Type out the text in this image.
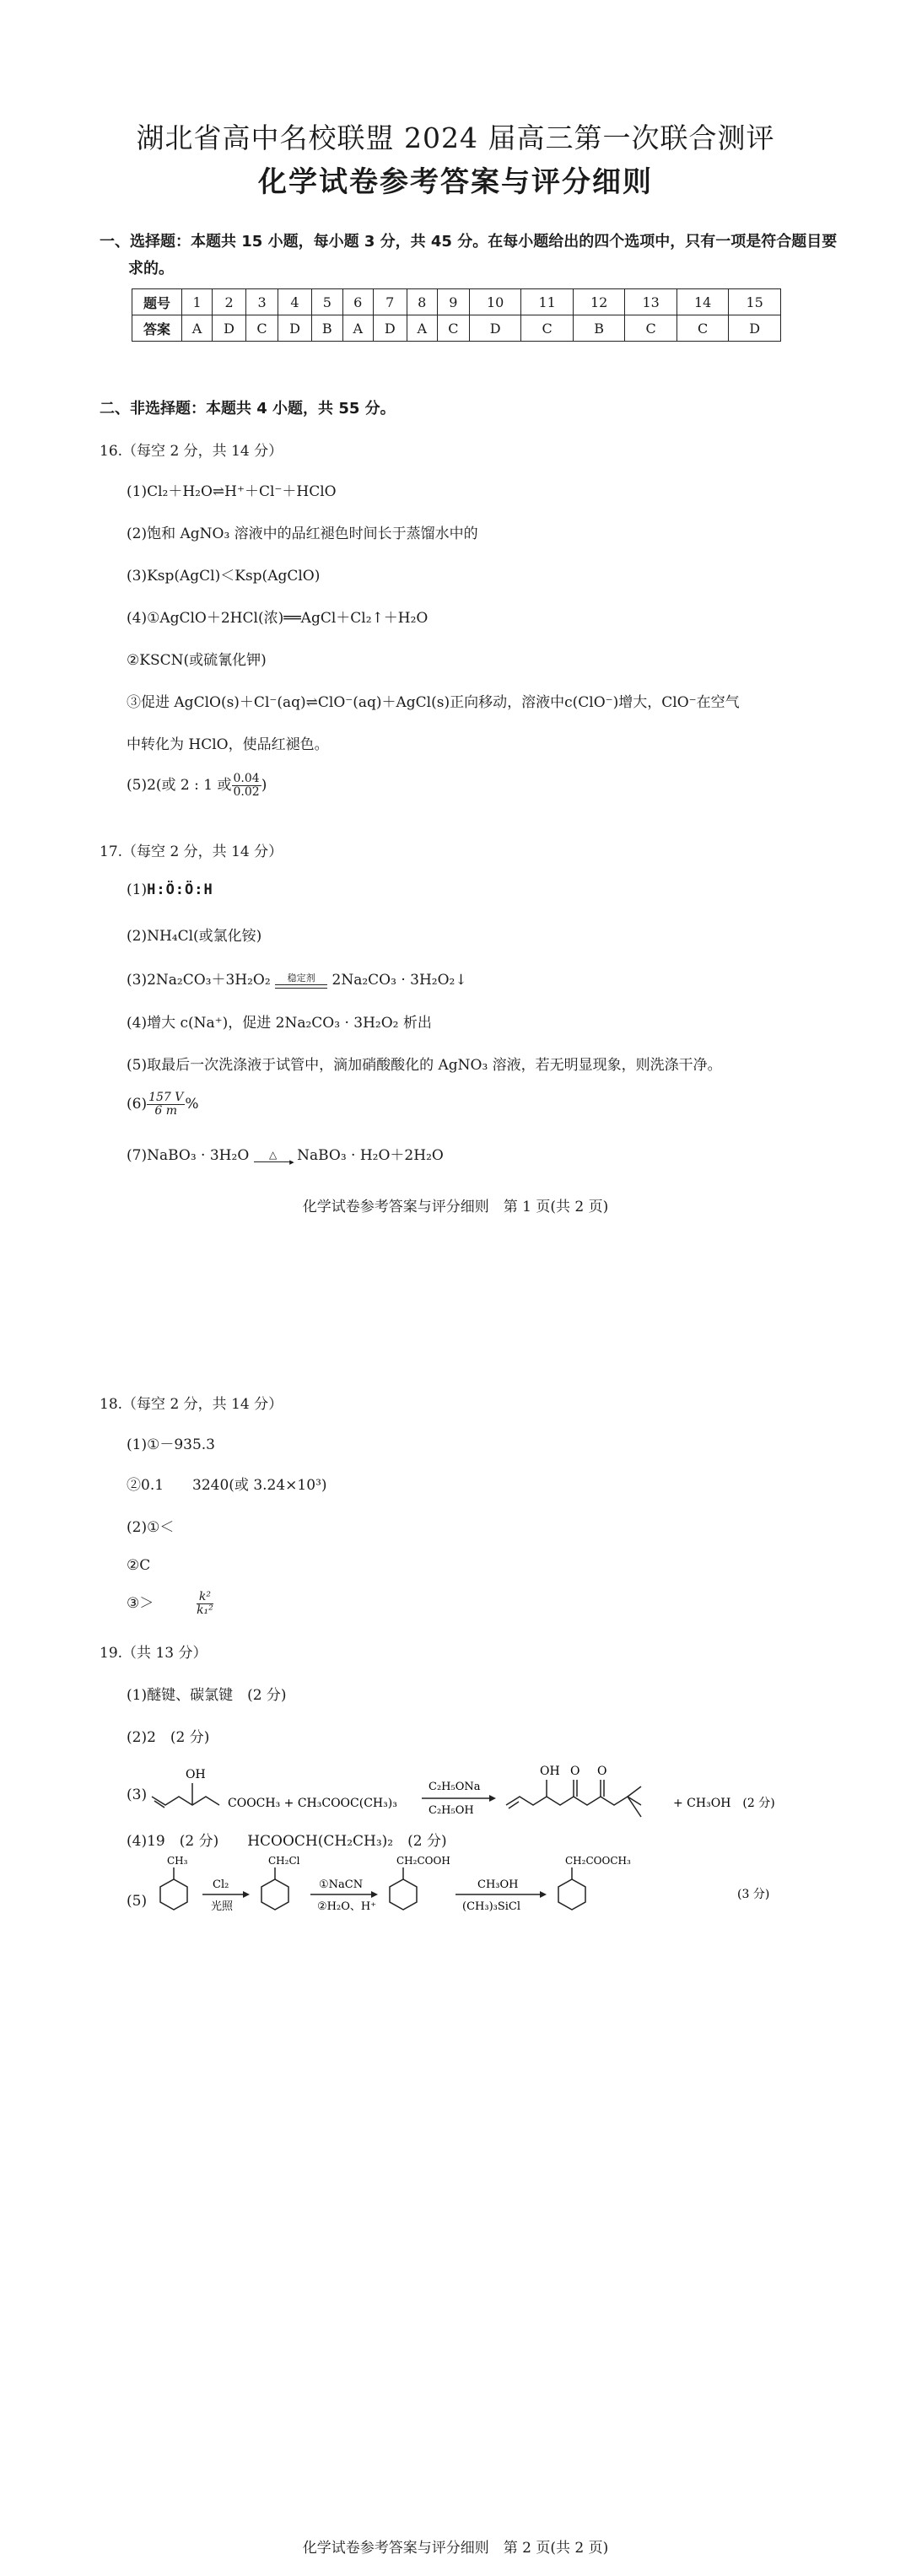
湖北省高中名校联盟 2024 届高三第一次联合测评
化学试卷参考答案与评分细则
一、选择题：本题共 15 小题，每小题 3 分，共 45 分。在每小题给出的四个选项中，只有一项是符合题目要
求的。
题号	1	2	3	4	5	6	7	8	9	10	11	12	13	14	15
答案	A	D	C	D	B	A	D	A	C	D	C	B	C	C	D
二、非选择题：本题共 4 小题，共 55 分。
16.（每空 2 分，共 14 分）
(1)Cl₂＋H₂O⇌H⁺＋Cl⁻＋HClO
(2)饱和 AgNO₃ 溶液中的品红褪色时间长于蒸馏水中的
(3)Ksp(AgCl)＜Ksp(AgClO)
(4)①AgClO＋2HCl(浓)══AgCl＋Cl₂↑＋H₂O
②KSCN(或硫氰化钾)
③促进 AgClO(s)＋Cl⁻(aq)⇌ClO⁻(aq)＋AgCl(s)正向移动，溶液中c(ClO⁻)增大，ClO⁻在空气
中转化为 HClO，使品红褪色。
(5)2(或 2 : 1 或 $\frac{0.04}{0.02}$ )
17.（每空 2 分，共 14 分）
(1)H:Ö:Ö:H
(2)NH₄Cl(或氯化铵)
(3)2Na₂CO₃＋3H₂O₂	稳定剂	2Na₂CO₃ · 3H₂O₂↓
(4)增大 c(Na⁺)，促进 2Na₂CO₃ · 3H₂O₂ 析出
(5)取最后一次洗涤液于试管中，滴加硝酸酸化的 AgNO₃ 溶液，若无明显现象，则洗涤干净。
$(6) \frac{157 V}{6 m}$ %
(7)NaBO₃ · 3H₂O	△
▸ NaBO₃ · H₂O＋2H₂O
化学试卷参考答案与评分细则　第 1 页(共 2 页)
18.（每空 2 分，共 14 分）
(1)①－935.3
②0.1　　3240(或 3.24×10³)
(2)①＜
②C
③＞	$\frac{\text{k²}}{\text{k₁²}}$
19.（共 13 分）
(1)醚键、碳氯键　(2 分)
(2)2　(2 分)
(3)
OH
COOCH₃ + CH₃COOC(CH₃)₃
C₂H₅ONa
C₂H₅OH
OH O O
+ CH₃OH　(2 分)
(4)19　(2 分)　　HCOOCH(CH₂CH₃)₂　(2 分)
(5)
CH₃
Cl₂
光照
CH₂Cl
①NaCN
②H₂O、H⁺
CH₂COOH
CH₃OH
(CH₃)₃SiCl
CH₂COOCH₃
(3 分)
化学试卷参考答案与评分细则　第 2 页(共 2 页)
